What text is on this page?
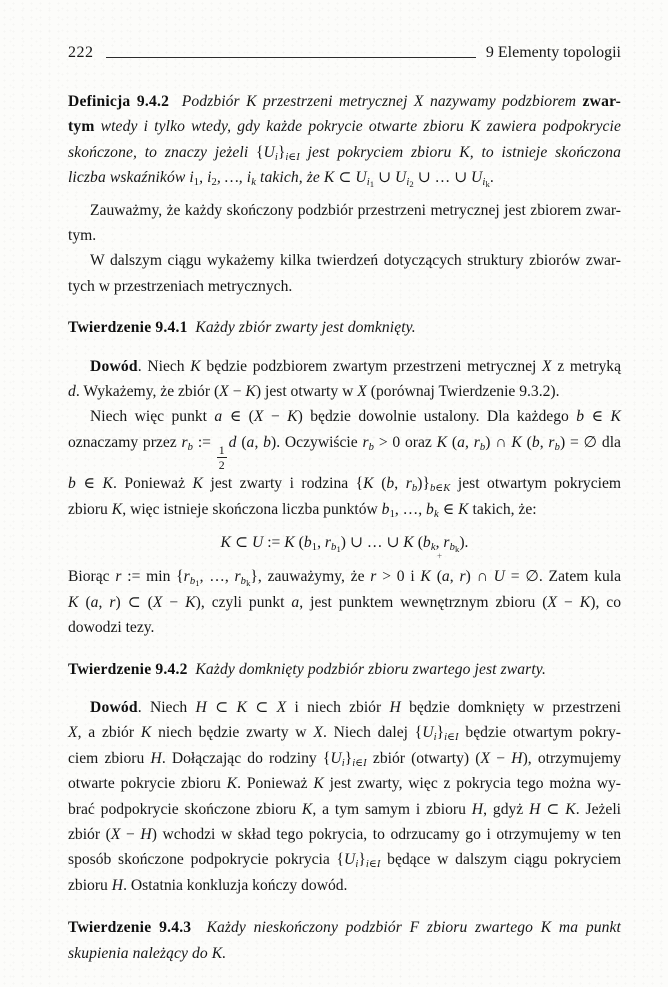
222	9 Elementy topologii
Definicja 9.4.2 Podzbiór K przestrzeni metrycznej X nazywamy podzbiorem zwar-
tym wtedy i tylko wtedy, gdy każde pokrycie otwarte zbioru K zawiera podpokrycie
skończone, to znaczy jeżeli $\{U_i\}_{i\in I}$ jest pokryciem zbioru K, to istnieje skończona
liczba wskaźników $i_1$, $i_2$, …, $i_k$ takich, że K ⊂ $U_{i_1}$ ∪ $U_{i_2}$ ∪ … ∪ $U_{i_k}$.
Zauważmy, że każdy skończony podzbiór przestrzeni metrycznej jest zbiorem zwar-
tym.
W dalszym ciągu wykażemy kilka twierdzeń dotyczących struktury zbiorów zwar-
tych w przestrzeniach metrycznych.
Twierdzenie 9.4.1 Każdy zbiór zwarty jest domknięty.
Dowód. Niech K będzie podzbiorem zwartym przestrzeni metrycznej X z metryką
d. Wykażemy, że zbiór (X − K) jest otwarty w X (porównaj Twierdzenie 9.3.2).
Niech więc punkt a ∈ (X − K) będzie dowolnie ustalony. Dla każdego b ∈ K
oznaczamy przez $r_b$ :=
$\frac{1}{2}$
d (a, b). Oczywiście $r_b > 0$ oraz K (a, $r_b$) ∩ K (b, $r_b$) = ∅ dla
b ∈ K. Ponieważ K jest zwarty i rodzina {K (b, $r_b)\}_{b\in K}$ jest otwartym pokryciem
zbioru K, więc istnieje skończona liczba punktów $b_1$, …, $b_k$ ∈ K takich, że:
K ⊂ U := K ($b_1$, $r_{b_1}$) ∪ … ∪ K ($b_k$, $r_{b_k}$).
Biorąc r := $\min \{r_{b_1}$, …, $r_{b_k}$}, zauważymy, że r > 0 i K (a, r) ∩ U = ∅. Zatem kula
K (a, r) ⊂ (X − K), czyli punkt a, jest punktem wewnętrznym zbioru (X − K), co
dowodzi tezy.
Twierdzenie 9.4.2 Każdy domknięty podzbiór zbioru zwartego jest zwarty.
Dowód. Niech H ⊂ K ⊂ X i niech zbiór H będzie domknięty w przestrzeni
X, a zbiór K niech będzie zwarty w X. Niech dalej $\{U_i\}_{i\in I}$ będzie otwartym pokry-
ciem zbioru H. Dołączając do rodziny $\{U_i\}_{i\in I}$ zbiór (otwarty) (X − H), otrzymujemy
otwarte pokrycie zbioru K. Ponieważ K jest zwarty, więc z pokrycia tego można wy-
brać podpokrycie skończone zbioru K, a tym samym i zbioru H, gdyż H ⊂ K. Jeżeli
zbiór (X − H) wchodzi w skład tego pokrycia, to odrzucamy go i otrzymujemy w ten
sposób skończone podpokrycie pokrycia $\{U_i\}_{i\in I}$ będące w dalszym ciągu pokryciem
zbioru H. Ostatnia konkluzja kończy dowód.
Twierdzenie 9.4.3 Każdy nieskończony podzbiór F zbioru zwartego K ma punkt
skupienia należący do K.
+
